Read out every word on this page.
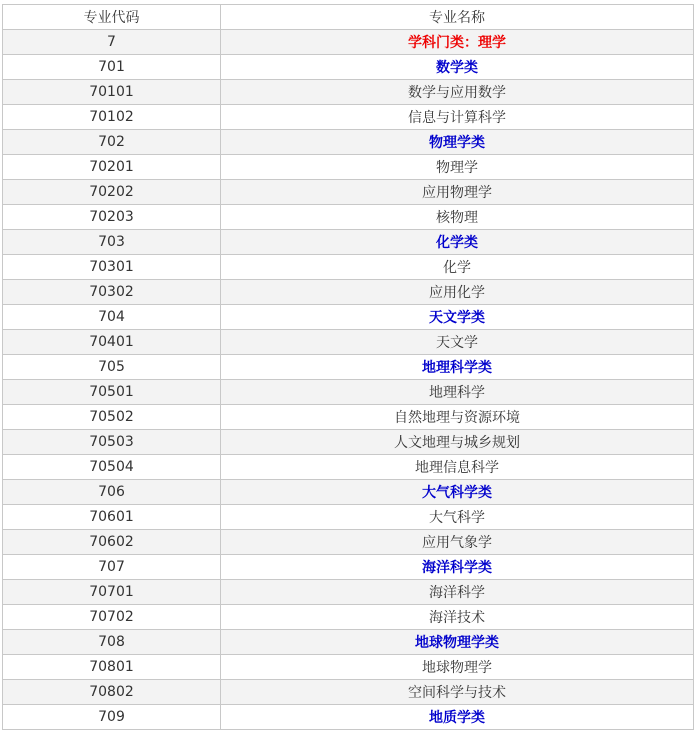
专业代码	专业名称
7	学科门类：理学
701	数学类
70101	数学与应用数学
70102	信息与计算科学
702	物理学类
70201	物理学
70202	应用物理学
70203	核物理
703	化学类
70301	化学
70302	应用化学
704	天文学类
70401	天文学
705	地理科学类
70501	地理科学
70502	自然地理与资源环境
70503	人文地理与城乡规划
70504	地理信息科学
706	大气科学类
70601	大气科学
70602	应用气象学
707	海洋科学类
70701	海洋科学
70702	海洋技术
708	地球物理学类
70801	地球物理学
70802	空间科学与技术
709	地质学类
